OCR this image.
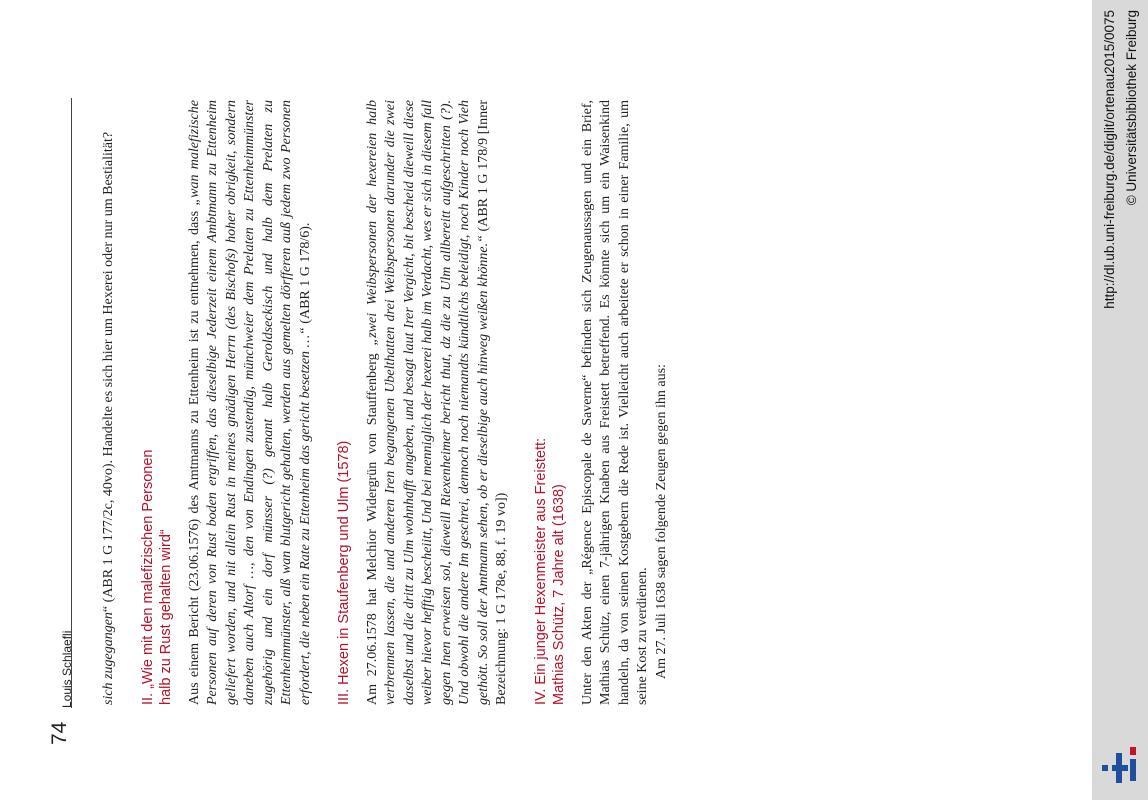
74
Louis Schlaefli sich zugegangen“ (ABR 1 G 177/2c, 40vo). Handelte es sich hier um Hexerei oder nur um Bestialität? II. „Wie mit den malefizischen Personen halb zu Rust gehalten wird“ Aus einem Bericht (23.06.1576) des Amtmanns zu Ettenheim ist zu entnehmen, dass „wan malefizische Personen auf deren von Rust boden ergriffen, das dieselbige Jederzeit einem Ambtmann zu Ettenheim geliefert worden, und nit allein Rust in meines gnädigen Herrn (des Bischofs) hoher obrigkeit, sondern daneben auch Altorf …, den von Endingen zustendig, münchweier dem Prelaten zu Ettenheimmünster zugehörig und ein dorf münsser (?) genant halb Geroldseckisch und halb dem Prelaten zu Ettenheimmünster, alß wan blutgericht gehalten, werden aus gemelten dörfferen auß jedem zwo Personen erfordert, die neben ein Rate zu Ettenheim das gericht besetzen …“ (ABR 1 G 178/6).

III. Hexen in Staufenberg und Ulm (1578) Am 27.06.1578 hat Melchior Widergrün von Stauffenberg „zwei Weibspersonen der hexereien halb verbrennen lassen, die und anderen Iren begangenen Ubelthatten drei Weibspersonen darunder die zwei daselbst und die dritt zu Ulm wohnhafft angeben, und besagt laut Irer Vergicht, bit bescheid dieweill diese weiber hievor hefftig bescheiitt, Und bei menniglich der hexerei halb im Verdacht, wes er sich in diesem fall gegen Inen erweisen sol, dieweill Riexenheimer bericht thut, dz die zu Ulm allbereitt aufgeschritten (?). Und obwohl die andere Im geschrei, dennoch noch niemandts kündtlichs beleidigt, noch Kinder noch Vieh gethött. So soll der Amtmann sehen, ob er dieselbige auch hinweg weißen khönne.“ (ABR 1 G 178/9 [Inner Bezeichnung: 1 G 178e, 88, f. 19 vo]) IV. Ein junger Hexenmeister aus Freistett: Mathias Schütz, 7 Jahre alt (1638) Unter den Akten der „Régence Episcopale de Saverne“ befinden sich Zeugenaussagen und ein Brief, Mathias Schütz, einen 7-jährigen Knaben aus Freistett betreffend. Es könnte sich um ein Waisenkind handeln, da von seinen Kostgebern die Rede ist. Vielleicht auch arbeitete er schon in einer Familie, um seine Kost zu verdienen. Am 27. Juli 1638 sagen folgende Zeugen gegen ihn aus:

http://dl.ub.uni-freiburg.de/diglit/ortenau2015/0075 © Universitätsbibliothek Freiburg
